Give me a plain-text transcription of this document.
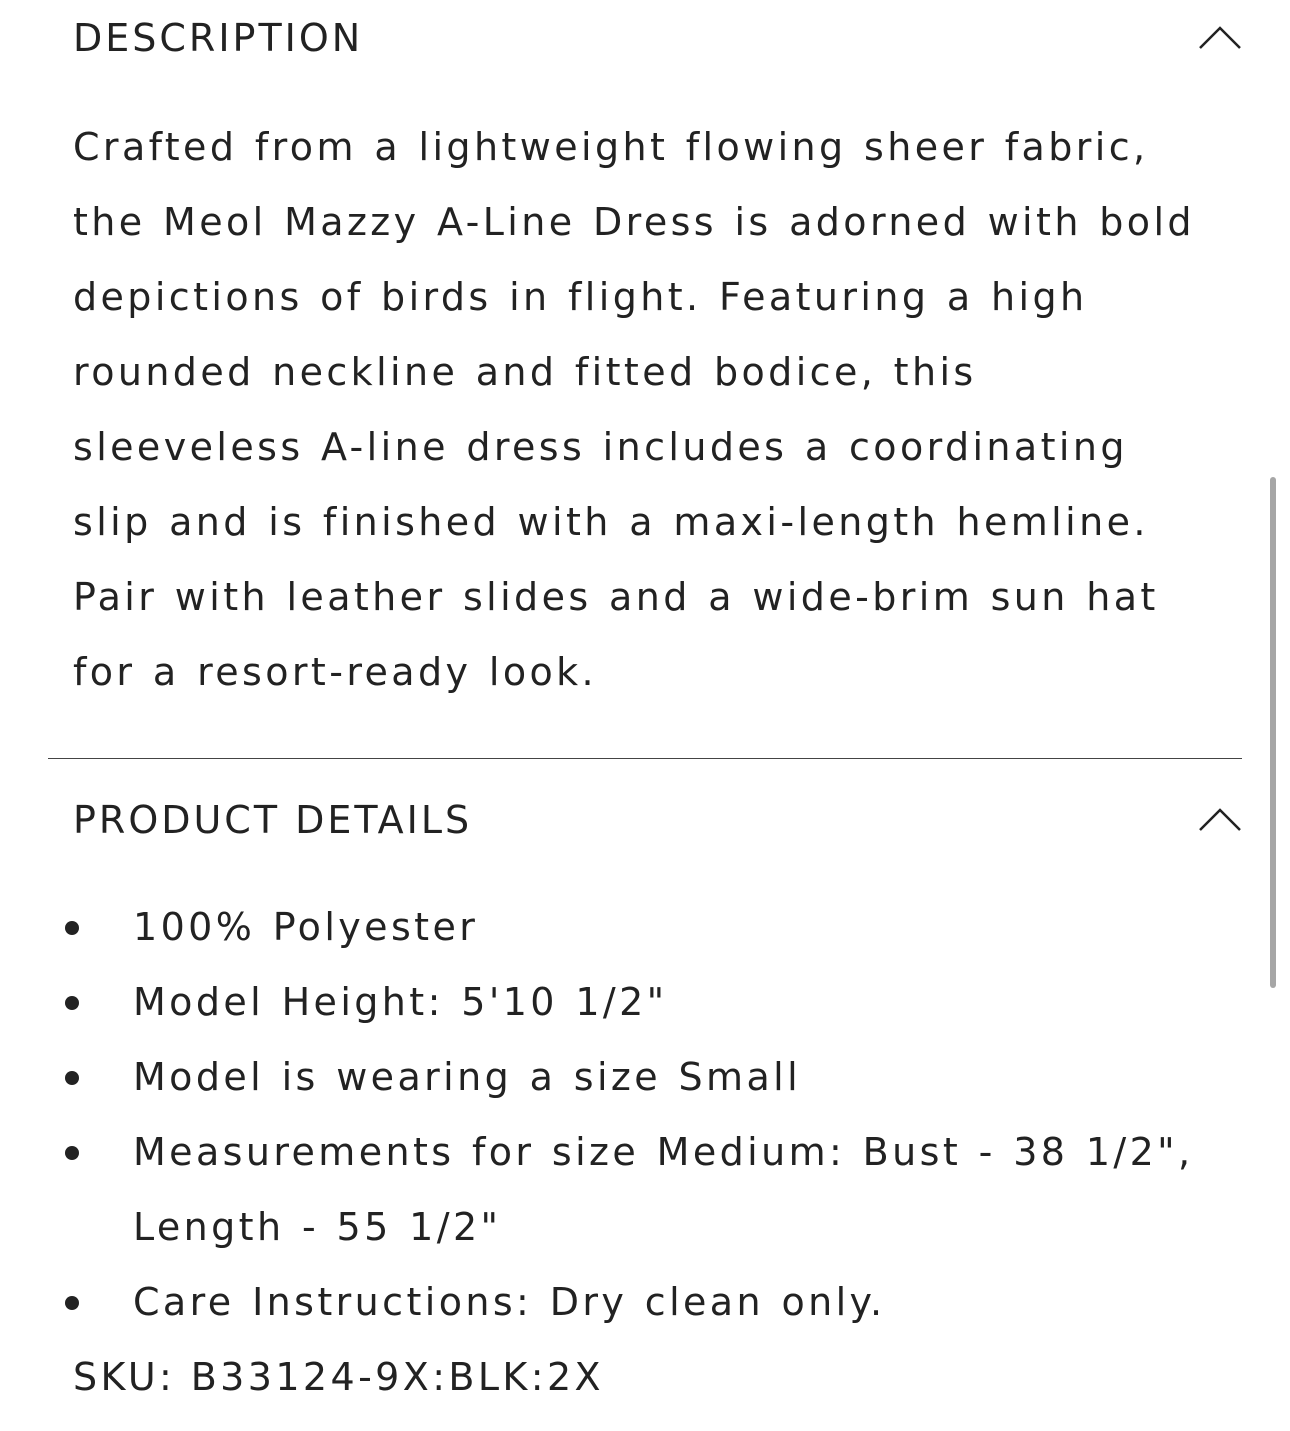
DESCRIPTION
Crafted from a lightweight flowing sheer fabric,
the Meol Mazzy A-Line Dress is adorned with bold
depictions of birds in flight. Featuring a high
rounded neckline and fitted bodice, this
sleeveless A-line dress includes a coordinating
slip and is finished with a maxi-length hemline.
Pair with leather slides and a wide-brim sun hat
for a resort-ready look.
PRODUCT DETAILS
100% Polyester
Model Height: 5'10 1/2"
Model is wearing a size Small
Measurements for size Medium: Bust - 38 1/2", Length - 55 1/2"
Care Instructions: Dry clean only.
SKU: B33124-9X:BLK:2X
